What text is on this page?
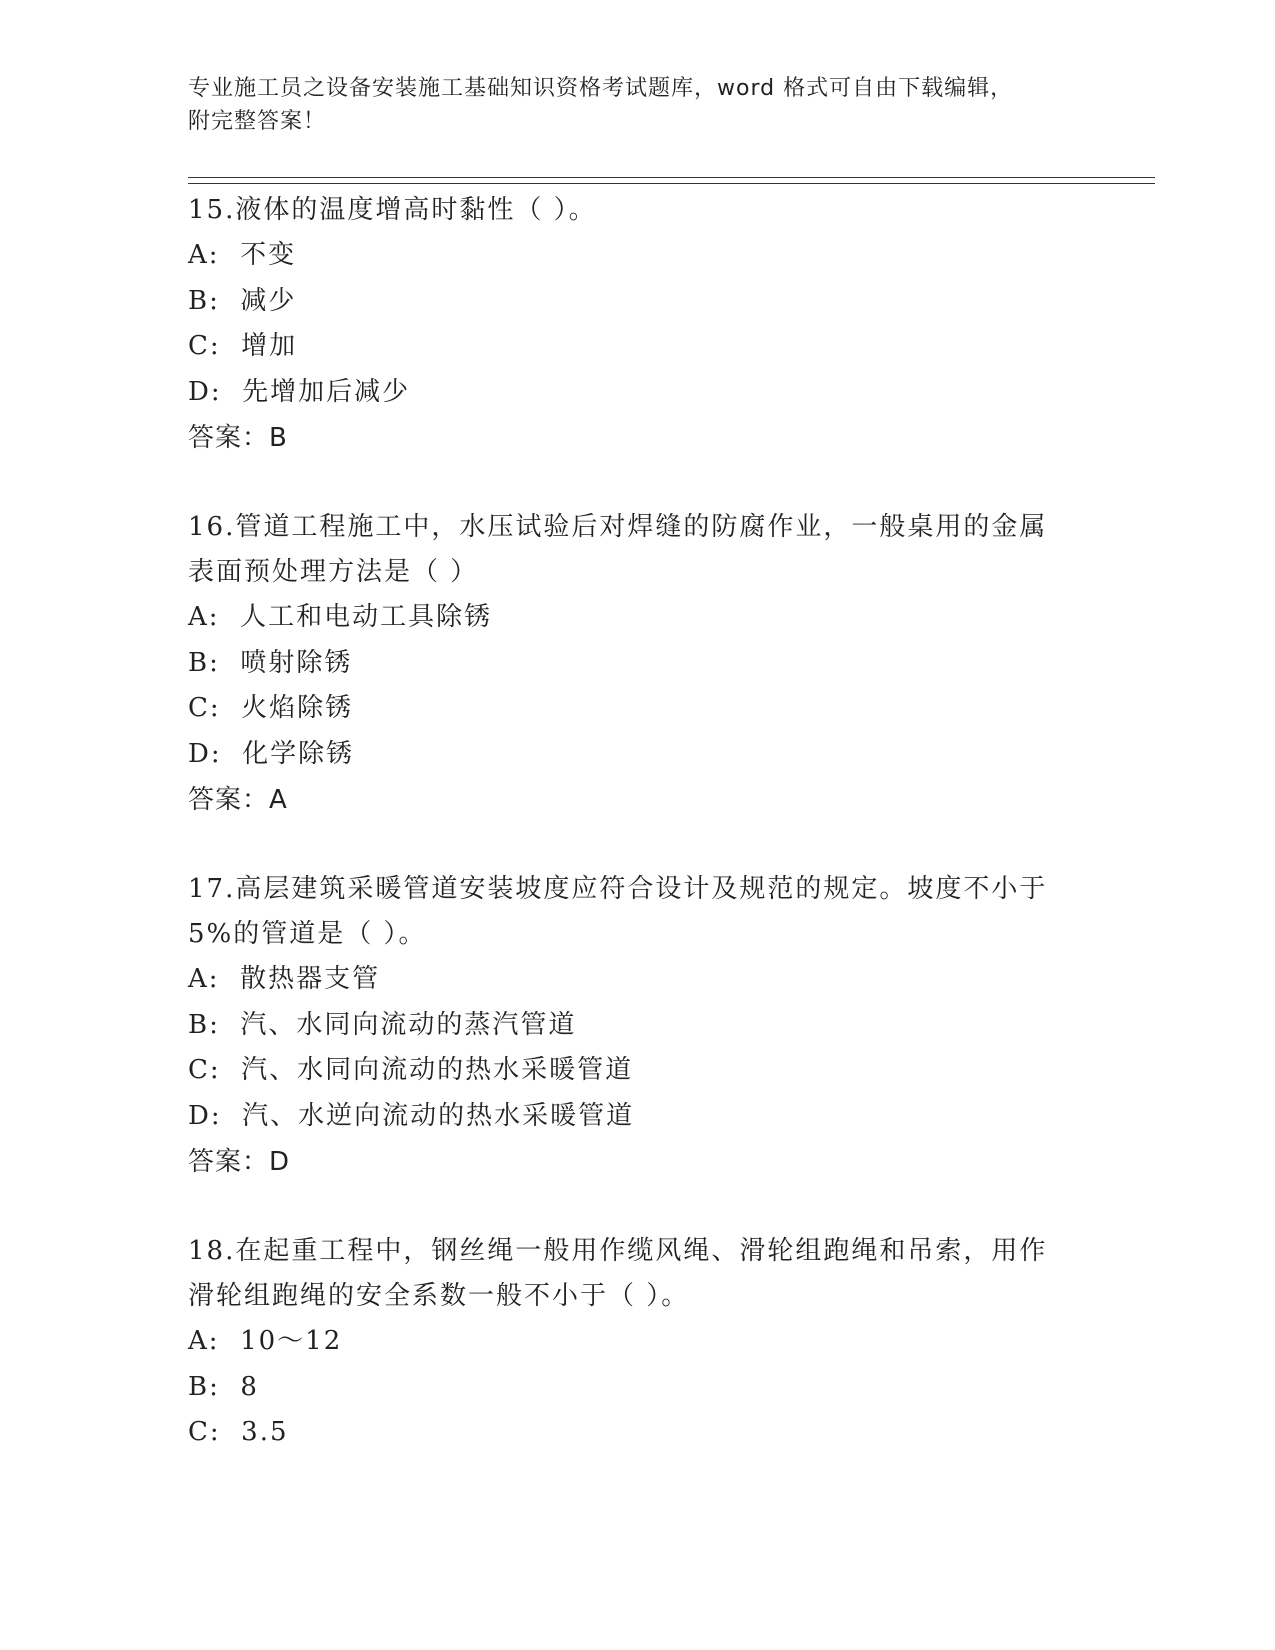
专业施工员之设备安装施工基础知识资格考试题库，word 格式可自由下载编辑，
附完整答案！

15.液体的温度增高时黏性（ ）。

A:  不变

B:  减少

C:  增加

D:  先增加后减少

答案：B

16.管道工程施工中，水压试验后对焊缝的防腐作业，一般桌用的金属

表面预处理方法是（ ）

A:  人工和电动工具除锈

B:  喷射除锈

C:  火焰除锈

D:  化学除锈

答案：A

17.高层建筑采暖管道安装坡度应符合设计及规范的规定。坡度不小于

5%的管道是（ ）。

A:  散热器支管

B:  汽、水同向流动的蒸汽管道

C:  汽、水同向流动的热水采暖管道

D:  汽、水逆向流动的热水采暖管道

答案：D

18.在起重工程中，钢丝绳一般用作缆风绳、滑轮组跑绳和吊索，用作

滑轮组跑绳的安全系数一般不小于（ ）。

A:  10～12

B:  8

C:  3.5
